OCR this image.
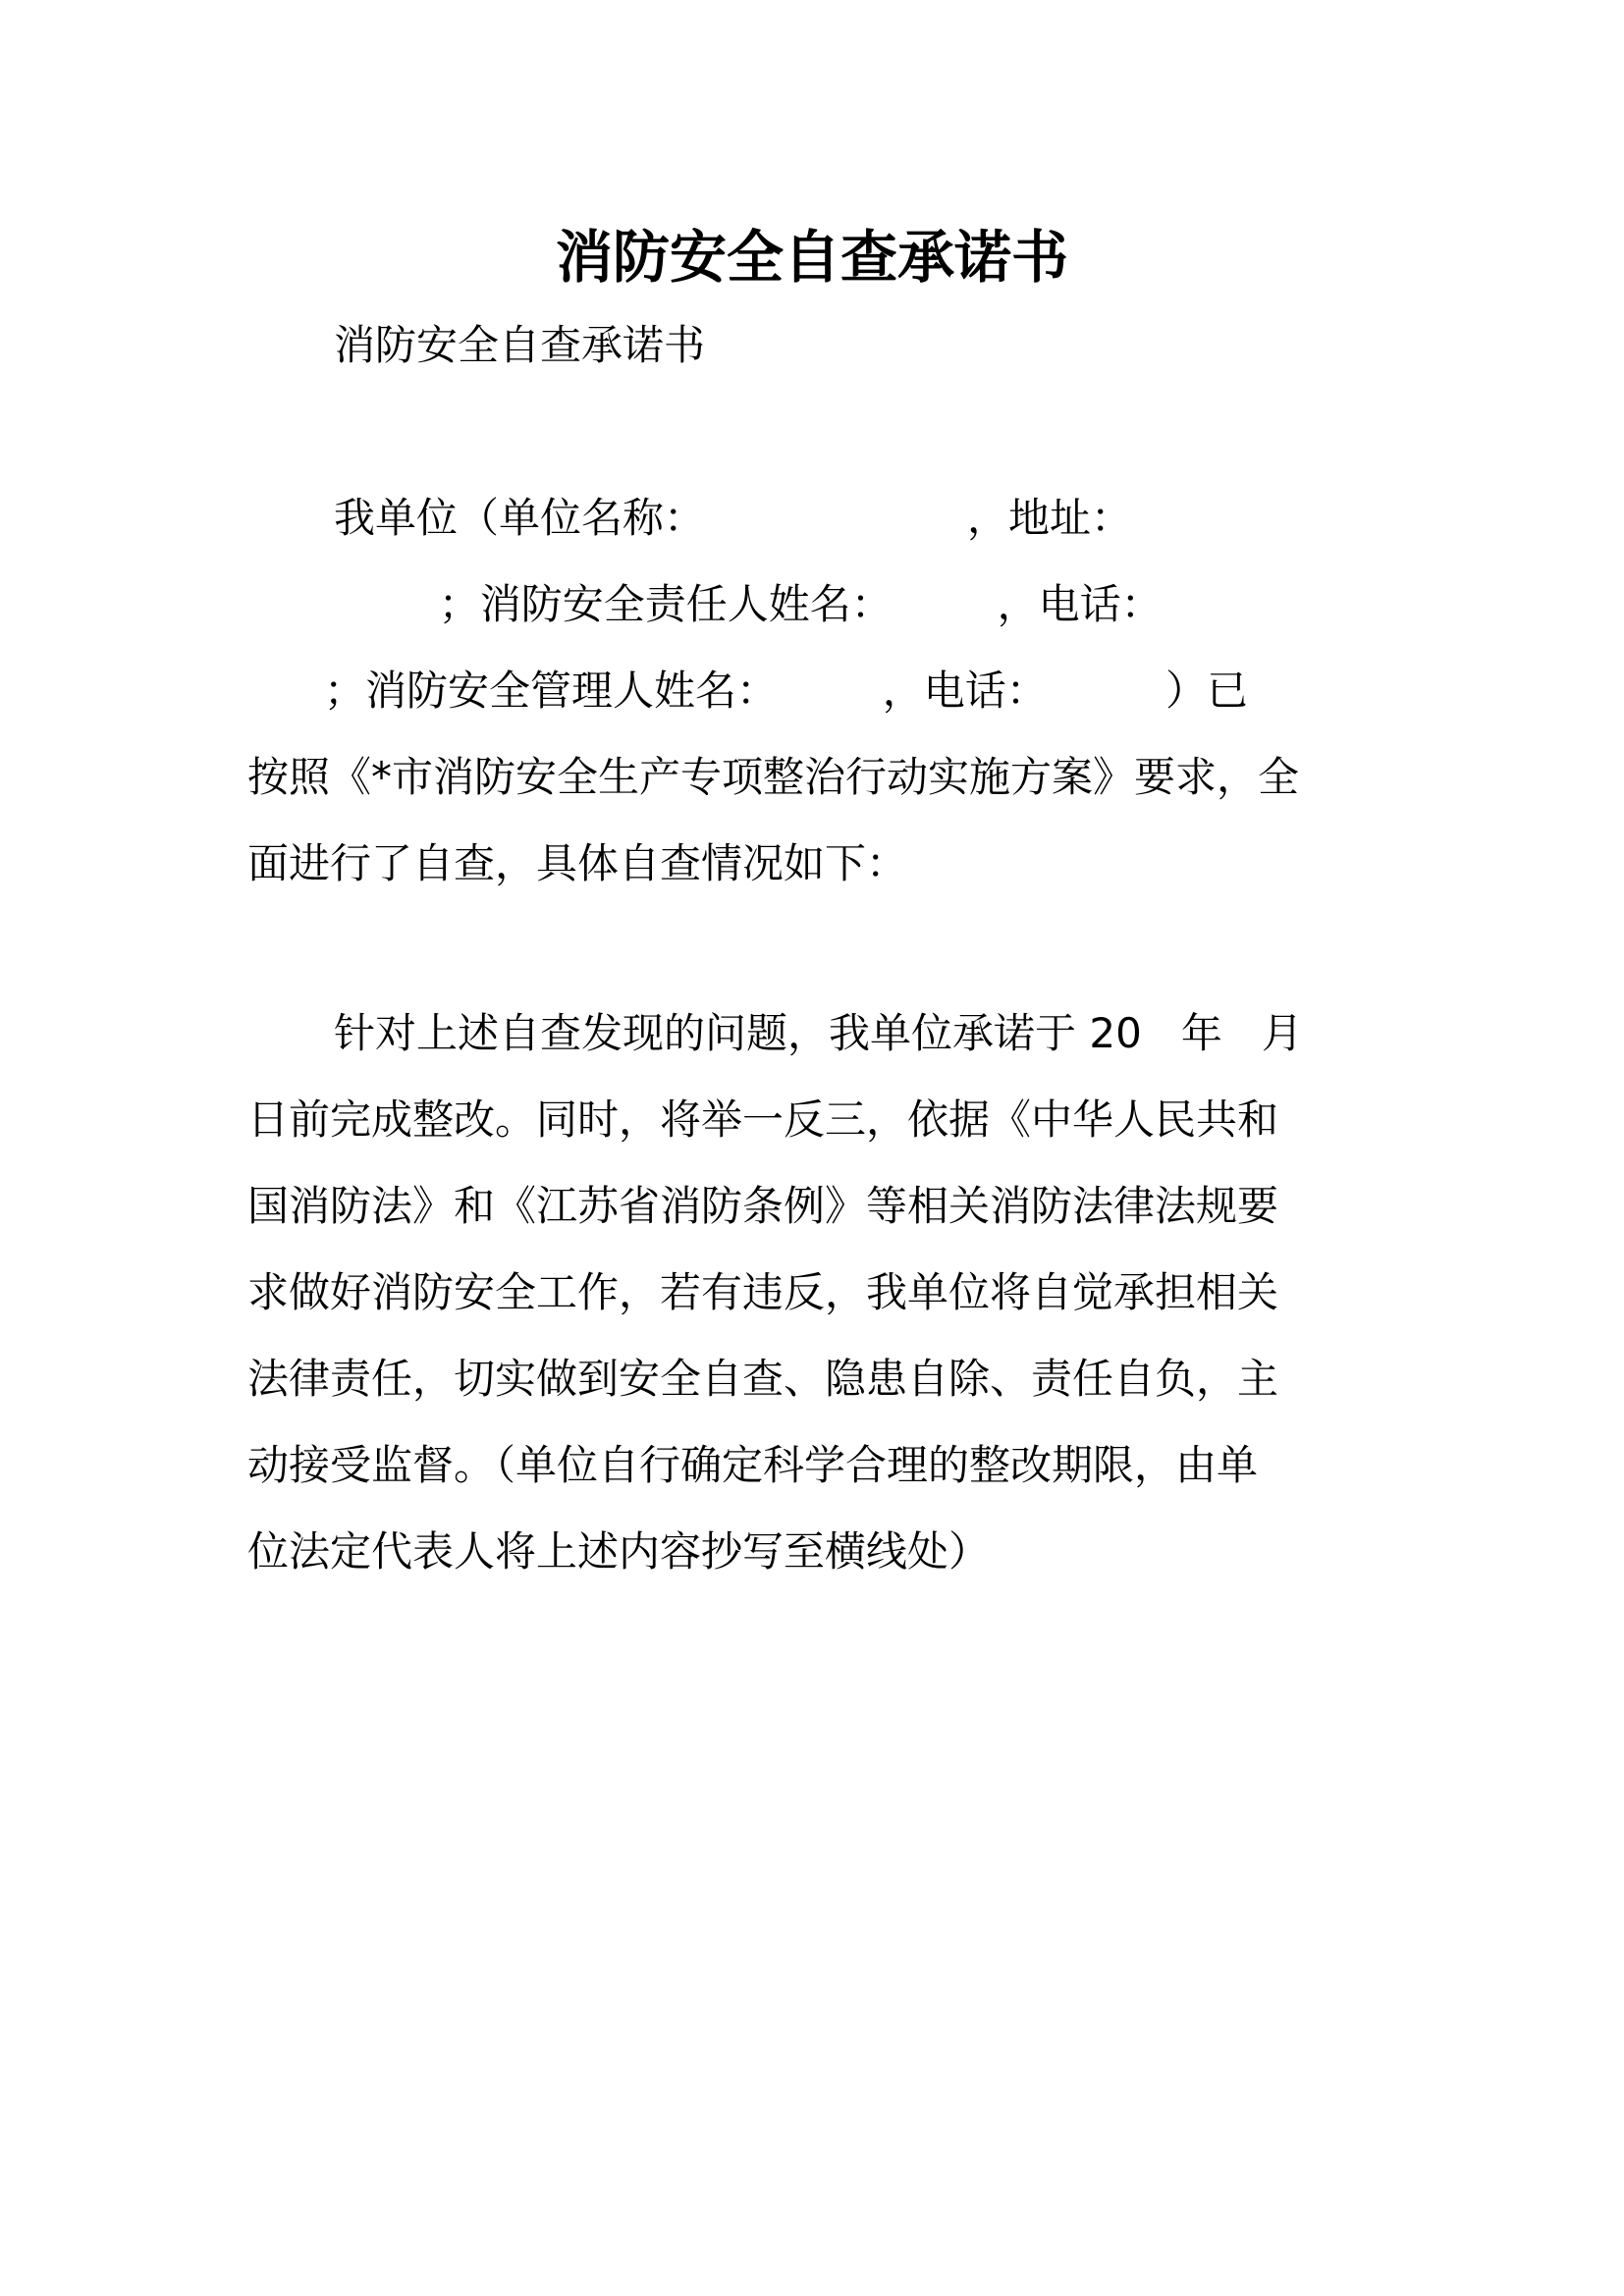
消防安全自查承诺书
消防安全自查承诺书
我单位（单位名称：                    ，地址：
；消防安全责任人姓名：        ，电话：
；消防安全管理人姓名：        ，电话：         ）已
按照《*市消防安全生产专项整治行动实施方案》要求，全
面进行了自查，具体自查情况如下：
针对上述自查发现的问题，我单位承诺于 20   年   月
日前完成整改。同时，将举一反三，依据《中华人民共和
国消防法》和《江苏省消防条例》等相关消防法律法规要
求做好消防安全工作，若有违反，我单位将自觉承担相关
法律责任，切实做到安全自查、隐患自除、责任自负，主
动接受监督。（单位自行确定科学合理的整改期限，由单
位法定代表人将上述内容抄写至横线处）
